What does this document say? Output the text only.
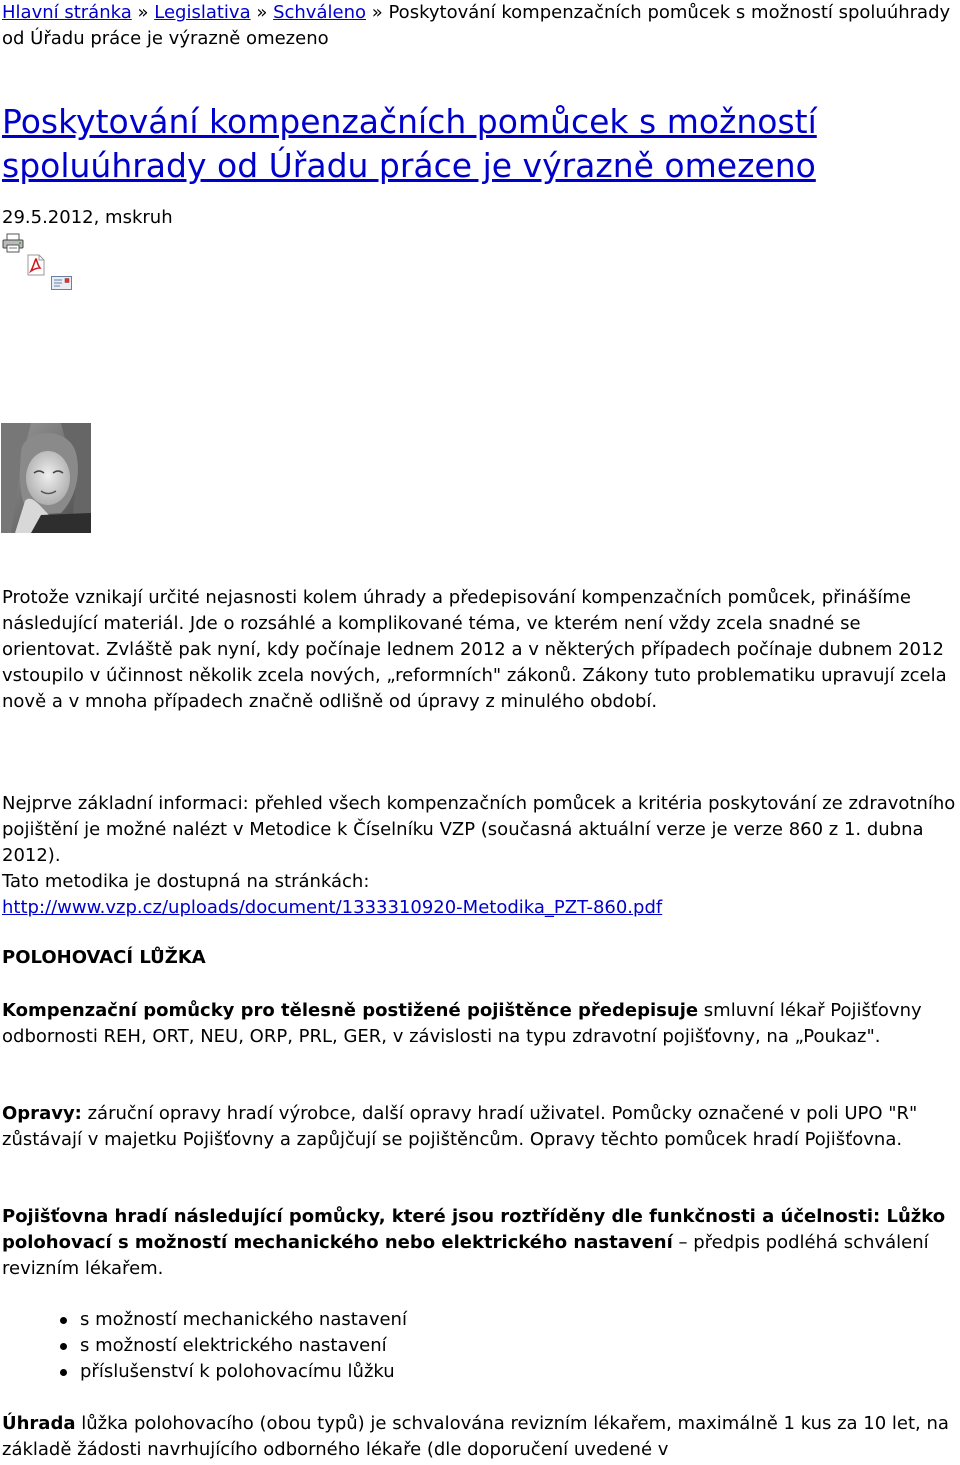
Hlavní stránka » Legislativa » Schváleno » Poskytování kompenzačních pomůcek s možností spoluúhrady od Úřadu práce je výrazně omezeno
Poskytování kompenzačních pomůcek s možností spoluúhrady od Úřadu práce je výrazně omezeno
29.5.2012, mskruh

Protože vznikají určité nejasnosti kolem úhrady a předepisování kompenzačních pomůcek, přinášíme následující materiál. Jde o rozsáhlé a komplikované téma, ve kterém není vždy zcela snadné se orientovat. Zvláště pak nyní, kdy počínaje lednem 2012 a v některých případech počínaje dubnem 2012 vstoupilo v účinnost několik zcela nových, „reformních" zákonů. Zákony tuto problematiku upravují zcela nově a v mnoha případech značně odlišně od úpravy z minulého období.

Nejprve základní informaci: přehled všech kompenzačních pomůcek a kritéria poskytování ze zdravotního pojištění je možné nalézt v Metodice k Číselníku VZP (současná aktuální verze je verze 860 z 1. dubna 2012).
Tato metodika je dostupná na stránkách:
http://www.vzp.cz/uploads/document/1333310920-Metodika_PZT-860.pdf

POLOHOVACÍ LŮŽKA

Kompenzační pomůcky pro tělesně postižené pojištěnce předepisuje smluvní lékař Pojišťovny odbornosti REH, ORT, NEU, ORP, PRL, GER, v závislosti na typu zdravotní pojišťovny, na „Poukaz".

Opravy: záruční opravy hradí výrobce, další opravy hradí uživatel. Pomůcky označené v poli UPO "R" zůstávají v majetku Pojišťovny a zapůjčují se pojištěncům. Opravy těchto pomůcek hradí Pojišťovna.

Pojišťovna hradí následující pomůcky, které jsou roztříděny dle funkčnosti a účelnosti: Lůžko polohovací s možností mechanického nebo elektrického nastavení – předpis podléhá schválení revizním lékařem.

s možností mechanického nastavení
s možností elektrického nastavení
příslušenství k polohovacímu lůžku

Úhrada lůžka polohovacího (obou typů) je schvalována revizním lékařem, maximálně 1 kus za 10 let, na základě žádosti navrhujícího odborného lékaře (dle doporučení uvedené v
